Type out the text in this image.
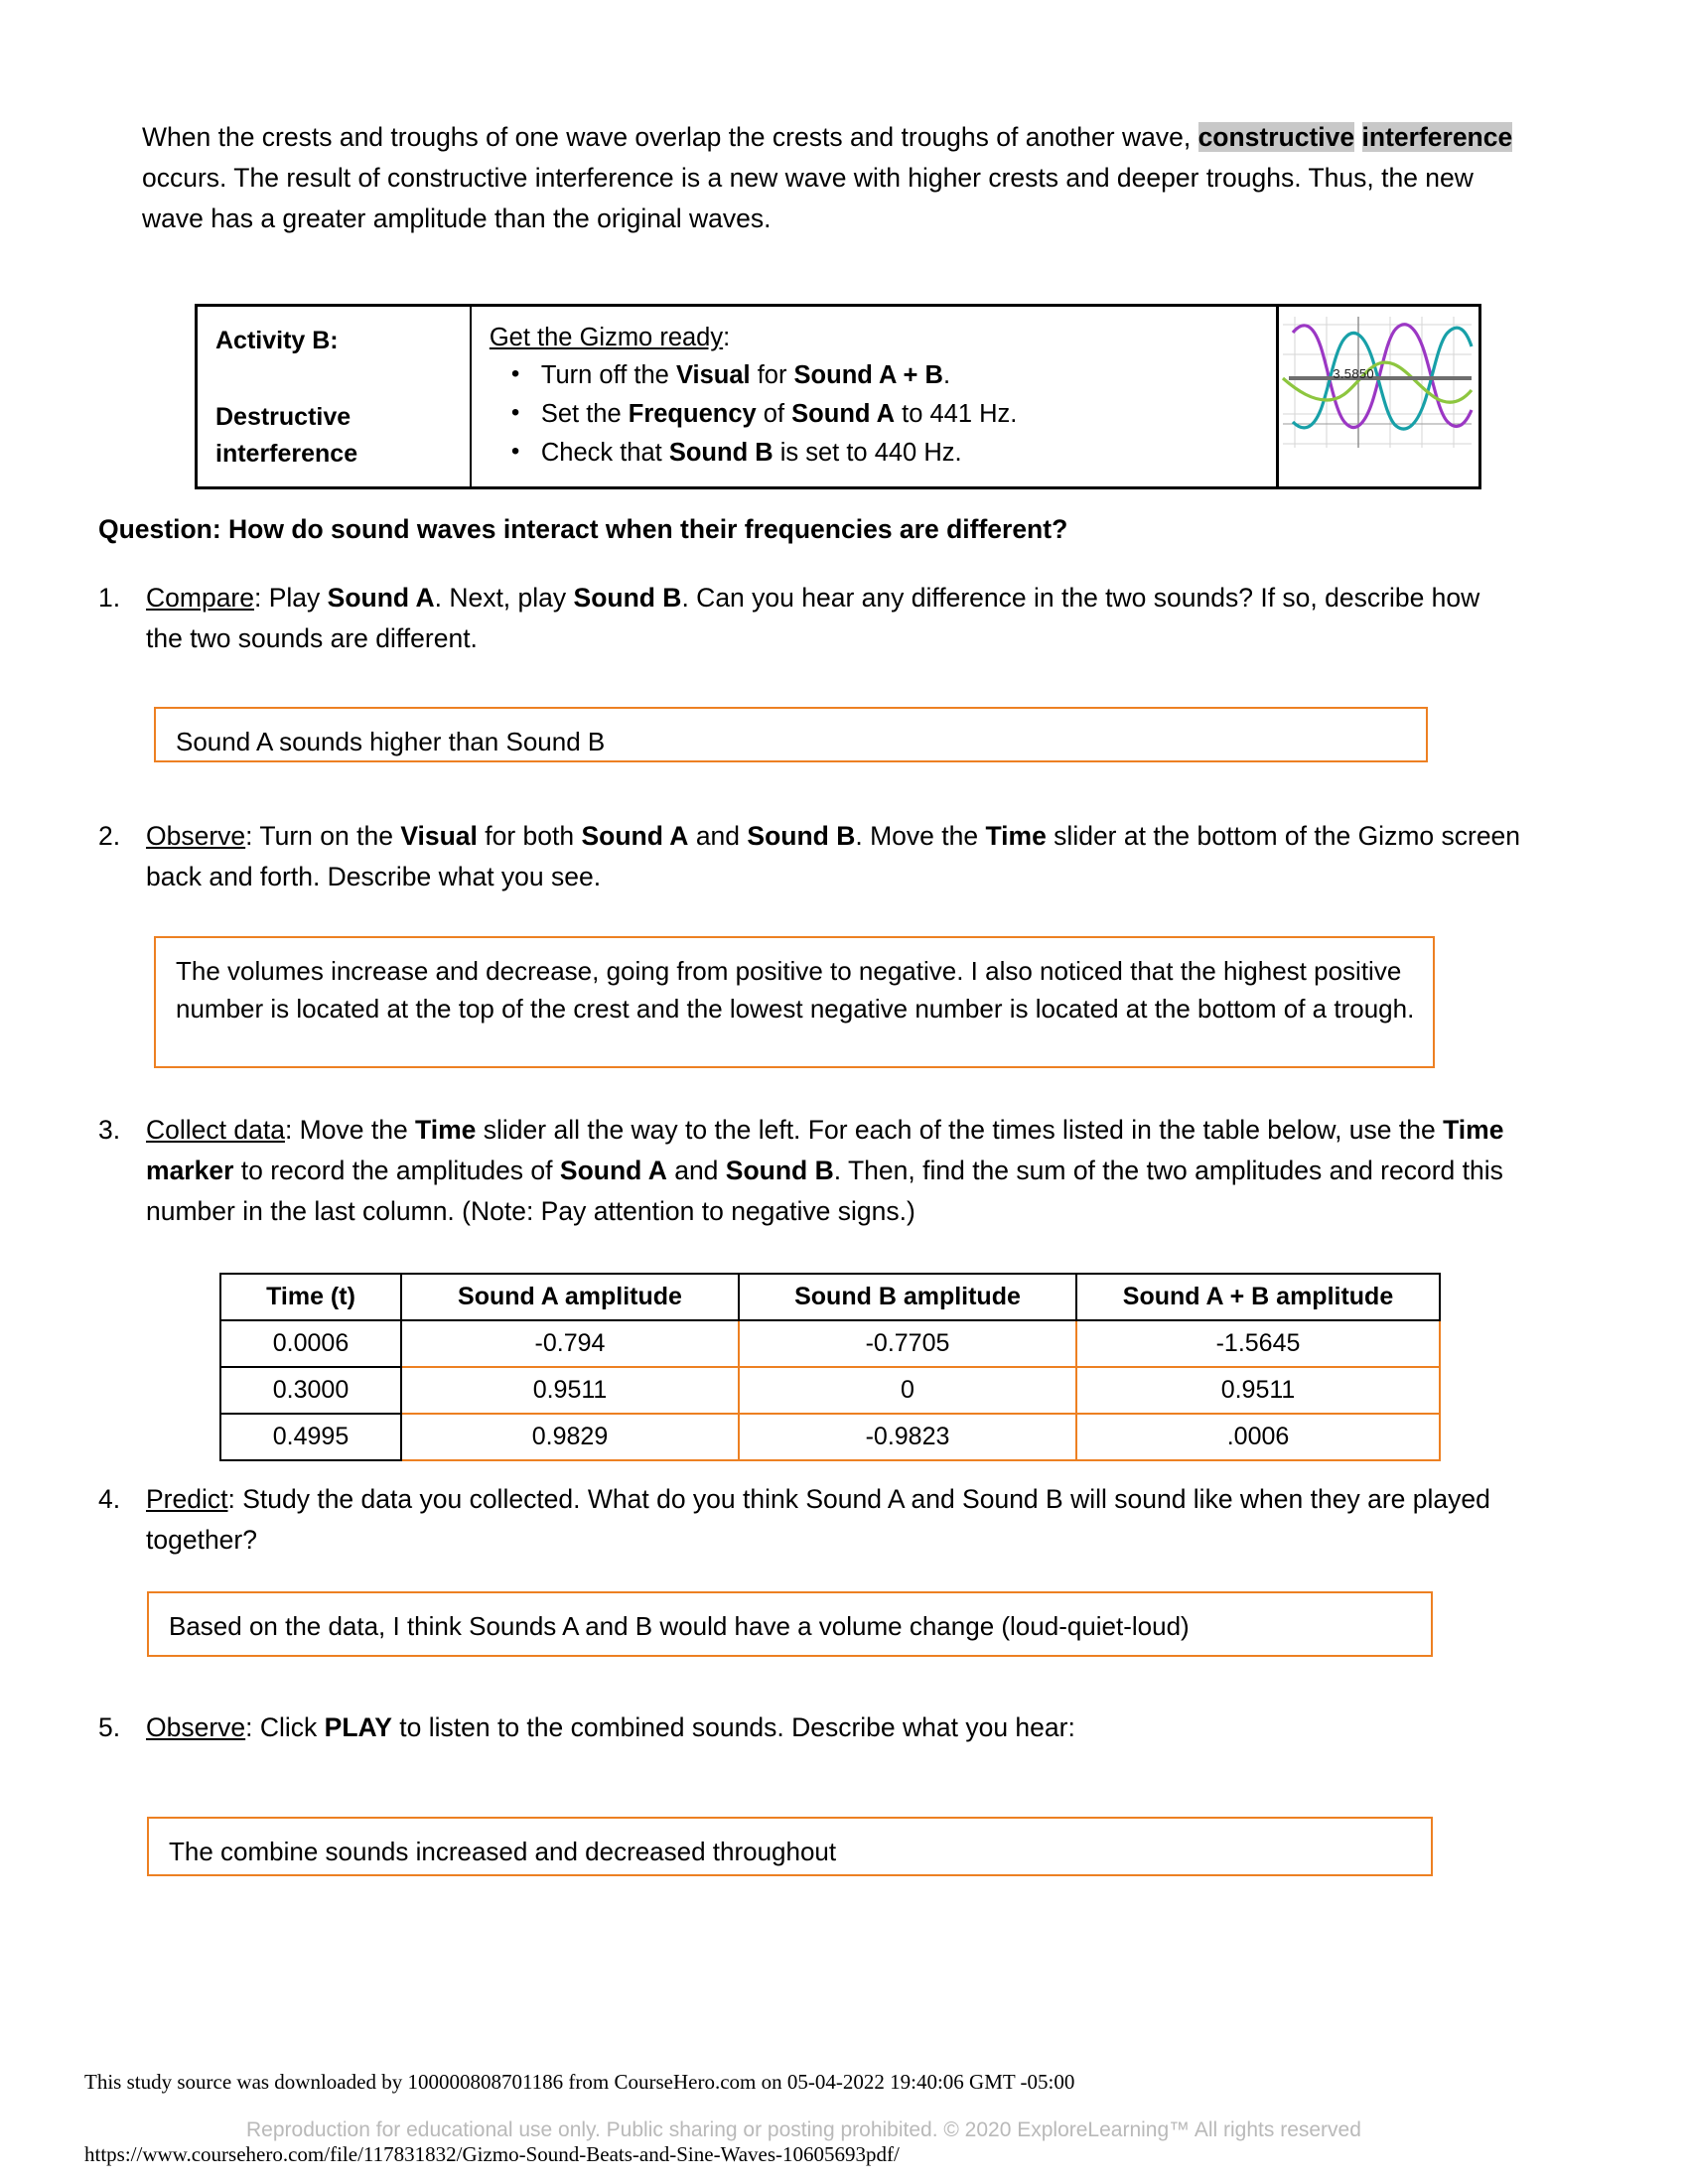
When the crests and troughs of one wave overlap the crests and troughs of another wave, constructive interference occurs. The result of constructive interference is a new wave with higher crests and deeper troughs. Thus, the new wave has a greater amplitude than the original waves.
Activity B:
Destructive
interference	Get the Gizmo ready:
• Turn off the Visual for Sound A + B.
• Set the Frequency of Sound A to 441 Hz.
• Check that Sound B is set to 440 Hz.

3.5850
Question: How do sound waves interact when their frequencies are different?
1. Compare: Play Sound A. Next, play Sound B. Can you hear any difference in the two sounds? If so, describe how the two sounds are different.
Sound A sounds higher than Sound B
2. Observe: Turn on the Visual for both Sound A and Sound B. Move the Time slider at the bottom of the Gizmo screen back and forth. Describe what you see.
The volumes increase and decrease, going from positive to negative. I also noticed that the highest positive number is located at the top of the crest and the lowest negative number is located at the bottom of a trough.
3. Collect data: Move the Time slider all the way to the left. For each of the times listed in the table below, use the Time marker to record the amplitudes of Sound A and Sound B. Then, find the sum of the two amplitudes and record this number in the last column. (Note: Pay attention to negative signs.)
Time (t)	Sound A amplitude	Sound B amplitude	Sound A + B amplitude
0.0006	-0.794	-0.7705	-1.5645
0.3000	0.9511	0	0.9511
0.4995	0.9829	-0.9823	.0006
4. Predict: Study the data you collected. What do you think Sound A and Sound B will sound like when they are played together?
Based on the data, I think Sounds A and B would have a volume change (loud-quiet-loud)
5. Observe: Click PLAY to listen to the combined sounds. Describe what you hear:
The combine sounds increased and decreased throughout
This study source was downloaded by 100000808701186 from CourseHero.com on 05-04-2022 19:40:06 GMT -05:00
Reproduction for educational use only. Public sharing or posting prohibited. © 2020 ExploreLearning™ All rights reserved
https://www.coursehero.com/file/117831832/Gizmo-Sound-Beats-and-Sine-Waves-10605693pdf/
